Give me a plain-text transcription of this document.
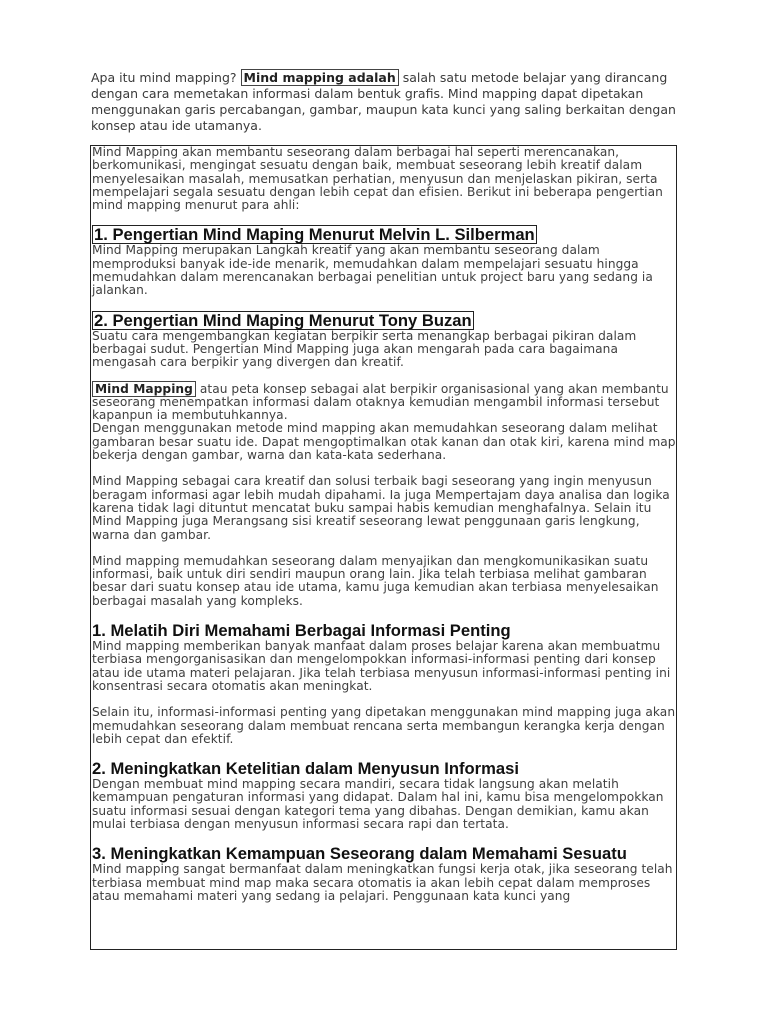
Apa itu mind mapping? Mind mapping adalah salah satu metode belajar yang dirancang dengan cara memetakan informasi dalam bentuk grafis. Mind mapping dapat dipetakan menggunakan garis percabangan, gambar, maupun kata kunci yang saling berkaitan dengan konsep atau ide utamanya.

Mind Mapping akan membantu seseorang dalam berbagai hal seperti merencanakan, berkomunikasi, mengingat sesuatu dengan baik, membuat seseorang lebih kreatif dalam menyelesaikan masalah, memusatkan perhatian, menyusun dan menjelaskan pikiran, serta mempelajari segala sesuatu dengan lebih cepat dan efisien. Berikut ini beberapa pengertian mind mapping menurut para ahli:

1. Pengertian Mind Maping Menurut Melvin L. Silberman

Mind Mapping merupakan Langkah kreatif yang akan membantu seseorang dalam memproduksi banyak ide-ide menarik, memudahkan dalam mempelajari sesuatu hingga memudahkan dalam merencanakan berbagai penelitian untuk project baru yang sedang ia jalankan.

2. Pengertian Mind Maping Menurut Tony Buzan

Suatu cara mengembangkan kegiatan berpikir serta menangkap berbagai pikiran dalam berbagai sudut. Pengertian Mind Mapping juga akan mengarah pada cara bagaimana mengasah cara berpikir yang divergen dan kreatif.

Mind Mapping atau peta konsep sebagai alat berpikir organisasional yang akan membantu seseorang menempatkan informasi dalam otaknya kemudian mengambil informasi tersebut kapanpun ia membutuhkannya.

Dengan menggunakan metode mind mapping akan memudahkan seseorang dalam melihat gambaran besar suatu ide. Dapat mengoptimalkan otak kanan dan otak kiri, karena mind map bekerja dengan gambar, warna dan kata-kata sederhana.

Mind Mapping sebagai cara kreatif dan solusi terbaik bagi seseorang yang ingin menyusun beragam informasi agar lebih mudah dipahami. Ia juga Mempertajam daya analisa dan logika karena tidak lagi dituntut mencatat buku sampai habis kemudian menghafalnya. Selain itu Mind Mapping juga Merangsang sisi kreatif seseorang lewat penggunaan garis lengkung, warna dan gambar.

Mind mapping memudahkan seseorang dalam menyajikan dan mengkomunikasikan suatu informasi, baik untuk diri sendiri maupun orang lain. Jika telah terbiasa melihat gambaran besar dari suatu konsep atau ide utama, kamu juga kemudian akan terbiasa menyelesaikan berbagai masalah yang kompleks.

1. Melatih Diri Memahami Berbagai Informasi Penting

Mind mapping memberikan banyak manfaat dalam proses belajar karena akan membuatmu terbiasa mengorganisasikan dan mengelompokkan informasi-informasi penting dari konsep atau ide utama materi pelajaran. Jika telah terbiasa menyusun informasi-informasi penting ini konsentrasi secara otomatis akan meningkat.

Selain itu, informasi-informasi penting yang dipetakan menggunakan mind mapping juga akan memudahkan seseorang dalam membuat rencana serta membangun kerangka kerja dengan lebih cepat dan efektif.

2. Meningkatkan Ketelitian dalam Menyusun Informasi

Dengan membuat mind mapping secara mandiri, secara tidak langsung akan melatih kemampuan pengaturan informasi yang didapat. Dalam hal ini, kamu bisa mengelompokkan suatu informasi sesuai dengan kategori tema yang dibahas. Dengan demikian, kamu akan mulai terbiasa dengan menyusun informasi secara rapi dan tertata.

3. Meningkatkan Kemampuan Seseorang dalam Memahami Sesuatu

Mind mapping sangat bermanfaat dalam meningkatkan fungsi kerja otak, jika seseorang telah terbiasa membuat mind map maka secara otomatis ia akan lebih cepat dalam memproses atau memahami materi yang sedang ia pelajari. Penggunaan kata kunci yang
